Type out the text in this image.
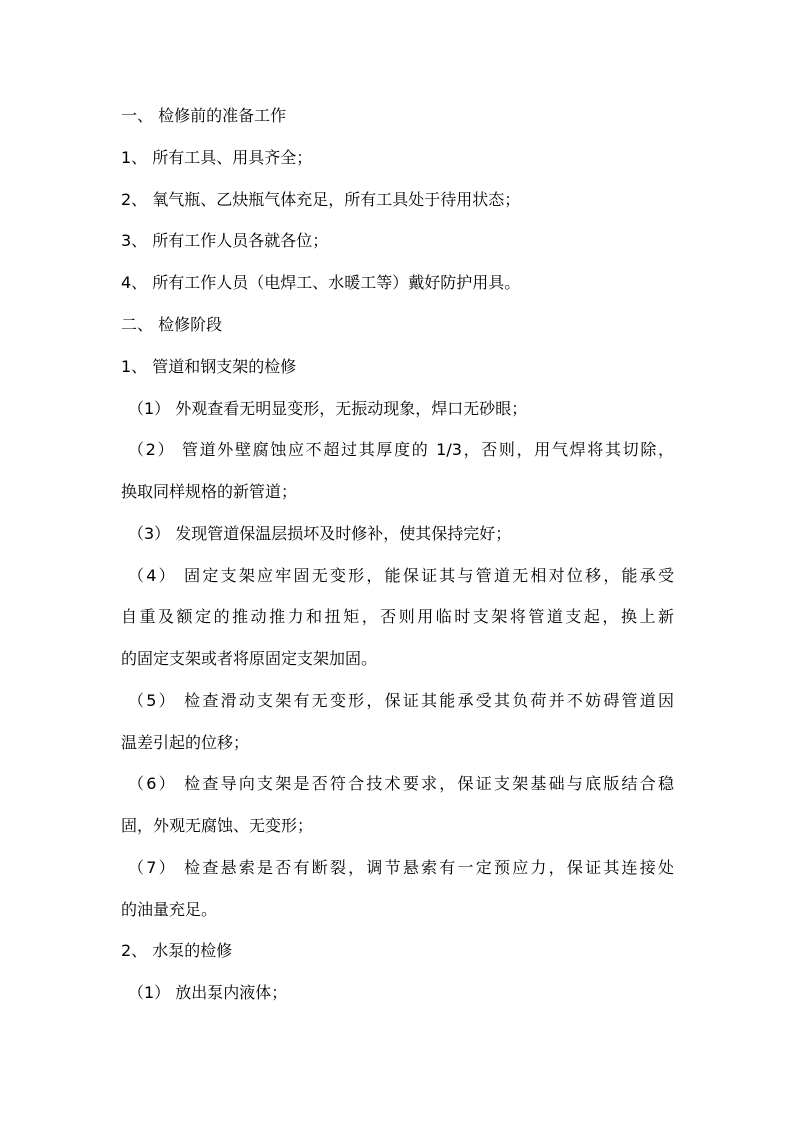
一、 检修前的准备工作
1、 所有工具、用具齐全；
2、 氧气瓶、乙炔瓶气体充足，所有工具处于待用状态；
3、 所有工作人员各就各位；
4、 所有工作人员（电焊工、水暖工等）戴好防护用具。
二、 检修阶段
1、 管道和钢支架的检修
（1） 外观查看无明显变形，无振动现象，焊口无砂眼；
（2） 管道外壁腐蚀应不超过其厚度的 1/3，否则，用气焊将其切除，
换取同样规格的新管道；
（3） 发现管道保温层损坏及时修补，使其保持完好；
（4） 固定支架应牢固无变形，能保证其与管道无相对位移，能承受
自重及额定的推动推力和扭矩，否则用临时支架将管道支起，换上新
的固定支架或者将原固定支架加固。
（5） 检查滑动支架有无变形，保证其能承受其负荷并不妨碍管道因
温差引起的位移；
（6） 检查导向支架是否符合技术要求，保证支架基础与底版结合稳
固，外观无腐蚀、无变形；
（7） 检查悬索是否有断裂，调节悬索有一定预应力，保证其连接处
的油量充足。
2、 水泵的检修
（1） 放出泵内液体；
